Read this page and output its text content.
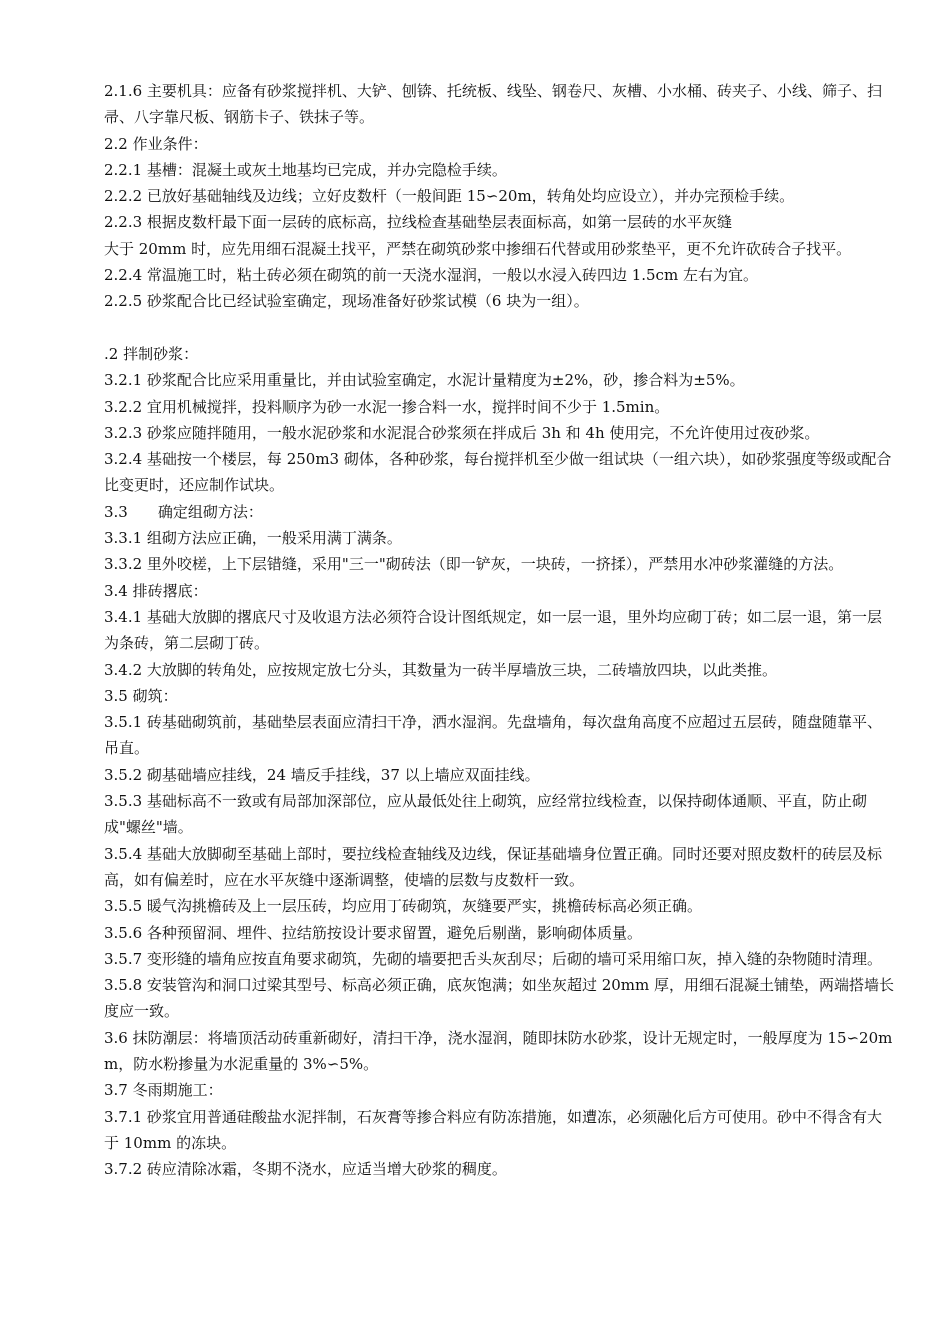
2.1.6 主要机具：应备有砂浆搅拌机、大铲、刨锛、托统板、线坠、钢卷尺、灰槽、小水桶、砖夹子、小线、筛子、扫帚、八字靠尺板、钢筋卡子、铁抹子等。

2.2 作业条件：

2.2.1 基槽：混凝土或灰土地基均已完成，并办完隐检手续。

2.2.2 已放好基础轴线及边线；立好皮数杆（一般间距 15∽20m，转角处均应设立），并办完预检手续。

2.2.3 根据皮数杆最下面一层砖的底标高，拉线检查基础垫层表面标高，如第一层砖的水平灰缝

大于 20mm 时，应先用细石混凝土找平，严禁在砌筑砂浆中掺细石代替或用砂浆垫平，更不允许砍砖合子找平。

2.2.4 常温施工时，粘土砖必须在砌筑的前一天浇水湿润，一般以水浸入砖四边 1.5cm 左右为宜。

2.2.5 砂浆配合比已经试验室确定，现场准备好砂浆试模（6 块为一组）。

.2 拌制砂浆：

3.2.1 砂浆配合比应采用重量比，并由试验室确定，水泥计量精度为±2%，砂，掺合料为±5%。

3.2.2 宜用机械搅拌，投料顺序为砂一水泥一掺合料一水，搅拌时间不少于 1.5min。

3.2.3 砂浆应随拌随用，一般水泥砂浆和水泥混合砂浆须在拌成后 3h 和 4h 使用完，不允许使用过夜砂浆。

3.2.4 基础按一个楼层，每 250m3 砌体，各种砂浆，每台搅拌机至少做一组试块（一组六块），如砂浆强度等级或配合比变更时，还应制作试块。

3.3　　确定组砌方法：

3.3.1 组砌方法应正确，一般采用满丁满条。

3.3.2 里外咬槎，上下层错缝，采用"三一"砌砖法（即一铲灰，一块砖，一挤揉），严禁用水冲砂浆灌缝的方法。

3.4 排砖撂底：

3.4.1 基础大放脚的撂底尺寸及收退方法必须符合设计图纸规定，如一层一退，里外均应砌丁砖；如二层一退，第一层为条砖，第二层砌丁砖。

3.4.2 大放脚的转角处，应按规定放七分头，其数量为一砖半厚墙放三块，二砖墙放四块，以此类推。

3.5 砌筑：

3.5.1 砖基础砌筑前，基础垫层表面应清扫干净，洒水湿润。先盘墙角，每次盘角高度不应超过五层砖，随盘随靠平、吊直。

3.5.2 砌基础墙应挂线，24 墙反手挂线，37 以上墙应双面挂线。

3.5.3 基础标高不一致或有局部加深部位，应从最低处往上砌筑，应经常拉线检查，以保持砌体通顺、平直，防止砌成"螺丝"墙。

3.5.4 基础大放脚砌至基础上部时，要拉线检查轴线及边线，保证基础墙身位置正确。同时还要对照皮数杆的砖层及标高，如有偏差时，应在水平灰缝中逐渐调整，使墙的层数与皮数杆一致。

3.5.5 暖气沟挑檐砖及上一层压砖，均应用丁砖砌筑，灰缝要严实，挑檐砖标高必须正确。

3.5.6 各种预留洞、埋件、拉结筋按设计要求留置，避免后剔凿，影响砌体质量。

3.5.7 变形缝的墙角应按直角要求砌筑，先砌的墙要把舌头灰刮尽；后砌的墙可采用缩口灰，掉入缝的杂物随时清理。

3.5.8 安装管沟和洞口过梁其型号、标高必须正确，底灰饱满；如坐灰超过 20mm 厚，用细石混凝土铺垫，两端搭墙长度应一致。

3.6 抹防潮层：将墙顶活动砖重新砌好，清扫干净，浇水湿润，随即抹防水砂浆，设计无规定时，一般厚度为 15∽20mm，防水粉掺量为水泥重量的 3%∽5%。

3.7 冬雨期施工：

3.7.1 砂浆宜用普通硅酸盐水泥拌制，石灰膏等掺合料应有防冻措施，如遭冻，必须融化后方可使用。砂中不得含有大于 10mm 的冻块。

3.7.2 砖应清除冰霜，冬期不浇水，应适当增大砂浆的稠度。
